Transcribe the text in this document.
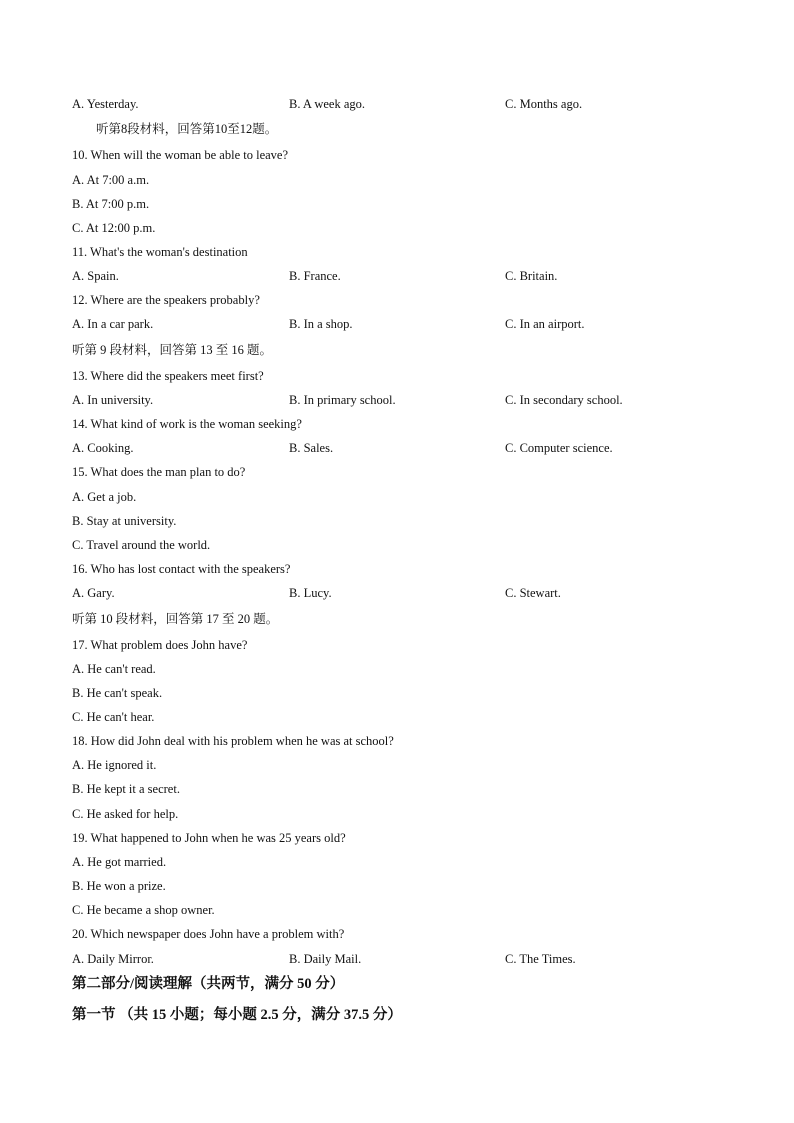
A. Yesterday.	B. A week ago.	C. Months ago.
听第8段材料，回答第10至12题。
10. When will the woman be able to leave?
A. At 7:00 a.m.
B. At 7:00 p.m.
C. At 12:00 p.m.
11. What's the woman's destination
A. Spain.	B. France.	C. Britain.
12. Where are the speakers probably?
A. In a car park.	B. In a shop.	C. In an airport.
听第 9 段材料，回答第 13 至 16 题。
13. Where did the speakers meet first?
A. In university.	B. In primary school.	C. In secondary school.
14. What kind of work is the woman seeking?
A. Cooking.	B. Sales.	C. Computer science.
15. What does the man plan to do?
A. Get a job.
B. Stay at university.
C. Travel around the world.
16. Who has lost contact with the speakers?
A. Gary.	B. Lucy.	C. Stewart.
听第 10 段材料，回答第 17 至 20 题。
17. What problem does John have?
A. He can't read.
B. He can't speak.
C. He can't hear.
18. How did John deal with his problem when he was at school?
A. He ignored it.
B. He kept it a secret.
C. He asked for help.
19. What happened to John when he was 25 years old?
A. He got married.
B. He won a prize.
C. He became a shop owner.
20. Which newspaper does John have a problem with?
A. Daily Mirror.	B. Daily Mail.	C. The Times.
第二部分/阅读理解（共两节，满分 50 分）
第一节 （共 15 小题；每小题 2.5 分，满分 37.5 分）
